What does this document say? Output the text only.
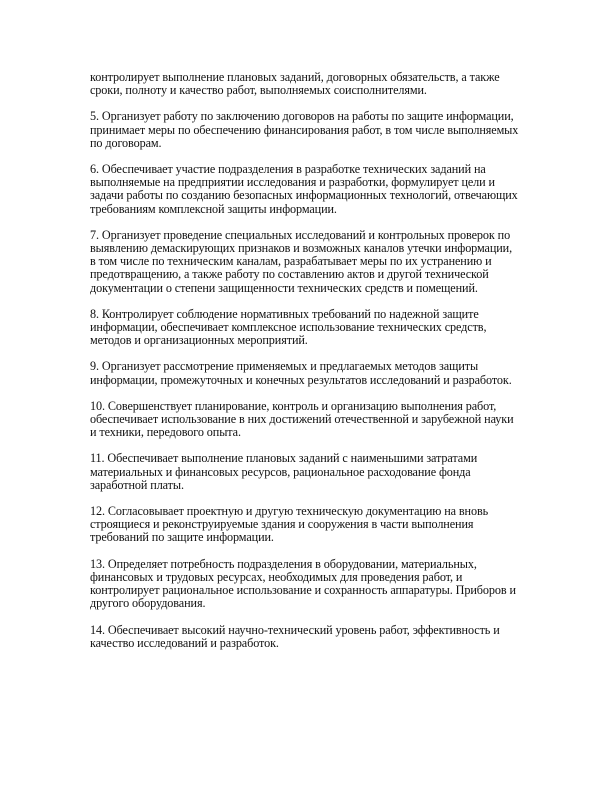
контролирует выполнение плановых заданий, договорных обязательств, а также сроки, полноту и качество работ, выполняемых соисполнителями.

5. Организует работу по заключению договоров на работы по защите информации, принимает меры по обеспечению финансирования работ, в том числе выполняемых по договорам.

6. Обеспечивает участие подразделения в разработке технических заданий на выполняемые на предприятии исследования и разработки, формулирует цели и задачи работы по созданию безопасных информационных технологий, отвечающих требованиям комплексной защиты информации.

7. Организует проведение специальных исследований и контрольных проверок по выявлению демаскирующих признаков и возможных каналов утечки информации, в том числе по техническим каналам, разрабатывает меры по их устранению и предотвращению, а также работу по составлению актов и другой технической документации о степени защищенности технических средств и помещений.

8. Контролирует соблюдение нормативных требований по надежной защите информации, обеспечивает комплексное использование технических средств, методов и организационных мероприятий.

9. Организует рассмотрение применяемых и предлагаемых методов защиты информации, промежуточных и конечных результатов исследований и разработок.

10. Совершенствует планирование, контроль и организацию выполнения работ, обеспечивает использование в них достижений отечественной и зарубежной науки и техники, передового опыта.

11. Обеспечивает выполнение плановых заданий с наименьшими затратами материальных и финансовых ресурсов, рациональное расходование фонда заработной платы.

12. Согласовывает проектную и другую техническую документацию на вновь строящиеся и реконструируемые здания и сооружения в части выполнения требований по защите информации.

13. Определяет потребность подразделения в оборудовании, материальных, финансовых и трудовых ресурсах, необходимых для проведения работ, и контролирует рациональное использование и сохранность аппаратуры. Приборов и другого оборудования.

14. Обеспечивает высокий научно-технический уровень работ, эффективность и качество исследований и разработок.
